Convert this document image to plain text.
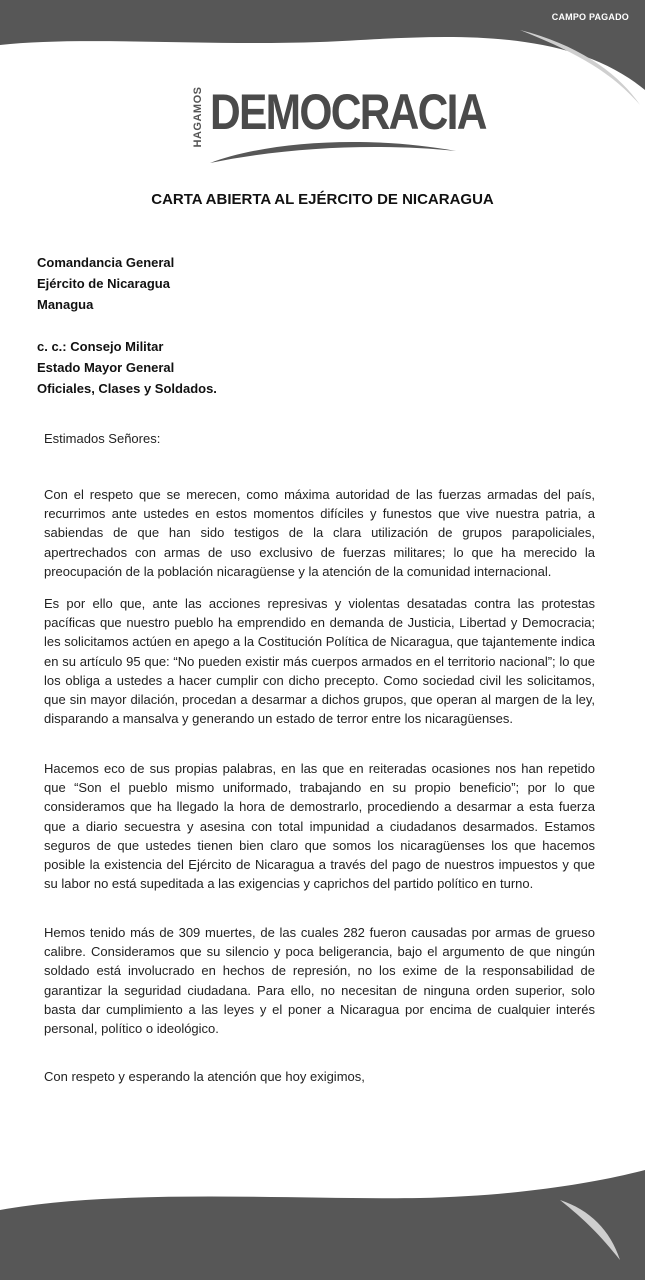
CAMPO PAGADO
HAGAMOS DEMOCRACIA
CARTA ABIERTA AL EJÉRCITO DE NICARAGUA
Comandancia General
Ejército de Nicaragua
Managua
c. c.: Consejo Militar
Estado Mayor General
Oficiales, Clases y Soldados.
Estimados Señores:

Con el respeto que se merecen, como máxima autoridad de las fuerzas armadas del país, recurrimos ante ustedes en estos momentos difíciles y funestos que vive nuestra patria, a sabiendas de que han sido testigos de la clara utilización de grupos parapoliciales, apertrechados con armas de uso exclusivo de fuerzas militares; lo que ha merecido la preocupación de la población nicaragüense y la atención de la comunidad internacional.

Es por ello que, ante las acciones represivas y violentas desatadas contra las protestas pacíficas que nuestro pueblo ha emprendido en demanda de Justicia, Libertad y Democracia; les solicitamos actúen en apego a la Costitución Política de Nicaragua, que tajantemente indica en su artículo 95 que: “No pueden existir más cuerpos armados en el territorio nacional”; lo que los obliga a ustedes a hacer cumplir con dicho precepto. Como sociedad civil les solicitamos, que sin mayor dilación, procedan a desarmar a dichos grupos, que operan al margen de la ley, disparando a mansalva y generando un estado de terror entre los nicaragüenses.

Hacemos eco de sus propias palabras, en las que en reiteradas ocasiones nos han repetido que “Son el pueblo mismo uniformado, trabajando en su propio beneficio”; por lo que consideramos que ha llegado la hora de demostrarlo, procediendo a desarmar a esta fuerza que a diario secuestra y asesina con total impunidad a ciudadanos desarmados. Estamos seguros de que ustedes tienen bien claro que somos los nicaragüenses los que hacemos posible la existencia del Ejército de Nicaragua a través del pago de nuestros impuestos y que su labor no está supeditada a las exigencias y caprichos del partido político en turno.

Hemos tenido más de 309 muertes, de las cuales 282 fueron causadas por armas de grueso calibre. Consideramos que su silencio y poca beligerancia, bajo el argumento de que ningún soldado está involucrado en hechos de represión, no los exime de la responsabilidad de garantizar la seguridad ciudadana. Para ello, no necesitan de ninguna orden superior, solo basta dar cumplimiento a las leyes y el poner a Nicaragua por encima de cualquier interés personal, político o ideológico.

Con respeto y esperando la atención que hoy exigimos,
